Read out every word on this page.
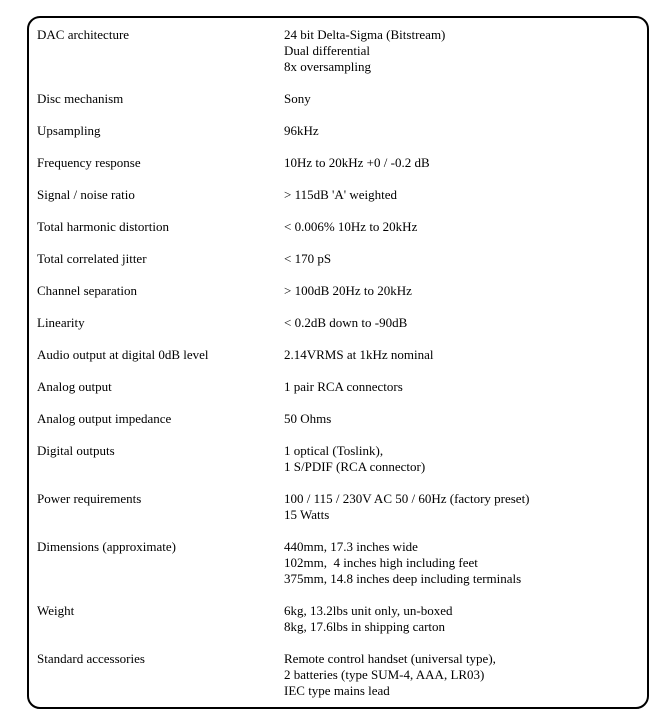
DAC architecture	24 bit Delta-Sigma (Bitstream)
Dual differential
8x oversampling
Disc mechanism	Sony
Upsampling	96kHz
Frequency response	10Hz to 20kHz +0 / -0.2 dB
Signal / noise ratio	> 115dB 'A' weighted
Total harmonic distortion	< 0.006% 10Hz to 20kHz
Total correlated jitter	< 170 pS
Channel separation	> 100dB 20Hz to 20kHz
Linearity	< 0.2dB down to -90dB
Audio output at digital 0dB level	2.14VRMS at 1kHz nominal
Analog output	1 pair RCA connectors
Analog output impedance	50 Ohms
Digital outputs	1 optical (Toslink),
1 S/PDIF (RCA connector)
Power requirements	100 / 115 / 230V AC 50 / 60Hz (factory preset)
15 Watts
Dimensions (approximate)	440mm, 17.3 inches wide
102mm,  4 inches high including feet
375mm, 14.8 inches deep including terminals
Weight	6kg, 13.2lbs unit only, un-boxed
8kg, 17.6lbs in shipping carton
Standard accessories	Remote control handset (universal type),
2 batteries (type SUM-4, AAA, LR03)
IEC type mains lead
